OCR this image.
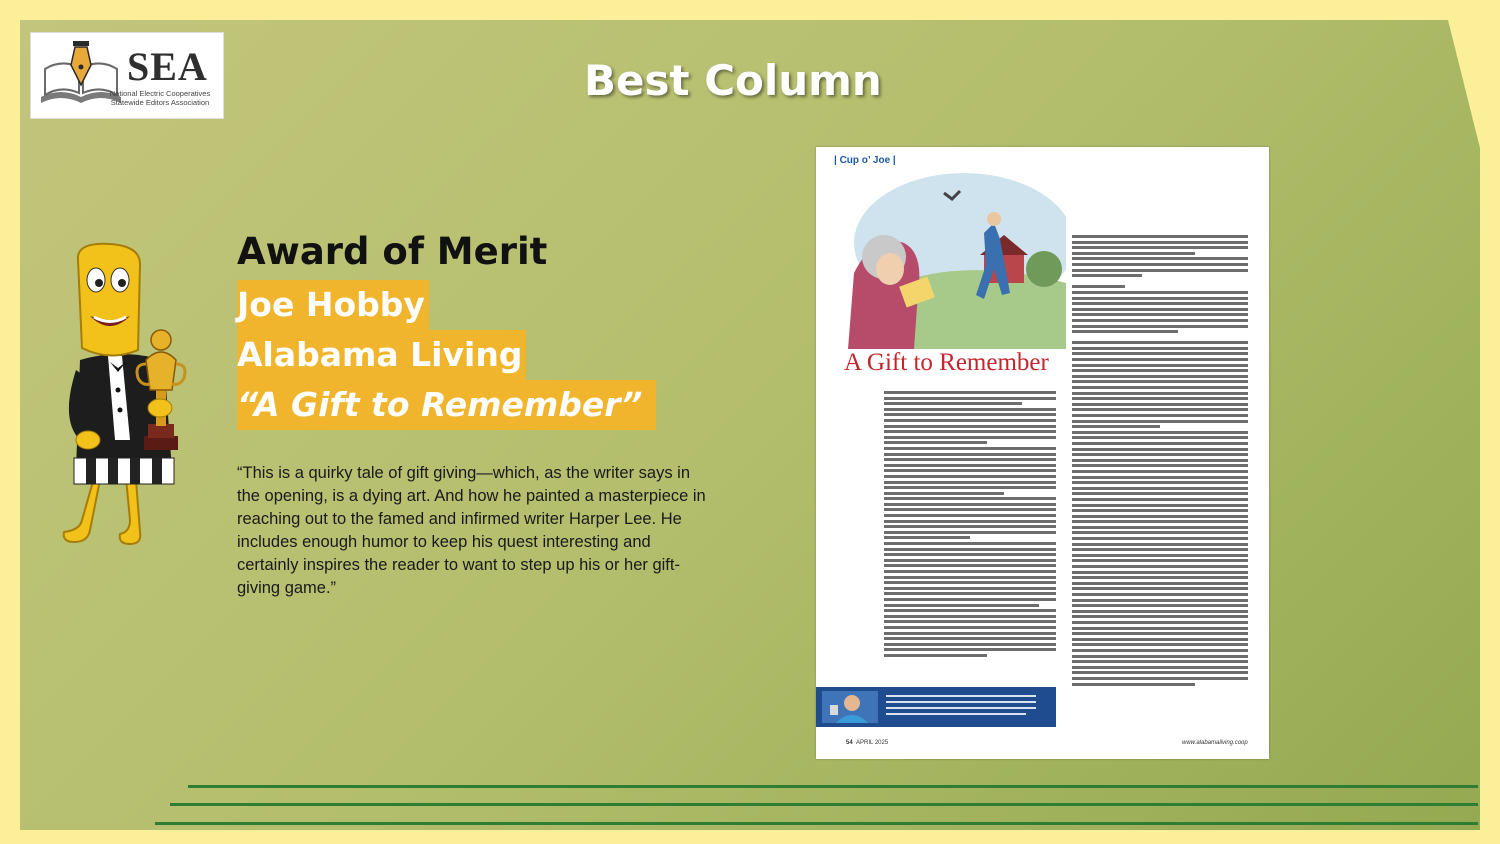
SEA
National Electric Cooperatives
Statewide Editors Association	Best Column
Award of Merit
Joe Hobby
Alabama Living
“A Gift to Remember”
“This is a quirky tale of gift giving—which, as the writer says in the opening, is a dying art. And how he painted a masterpiece in reaching out to the famed and infirmed writer Harper Lee. He includes enough humor to keep his quest interesting and certainly inspires the reader to want to step up his or her gift-giving game.”
| Cup o’ Joe |
A Gift to Remember
54 APRIL 2025	www.alabamaliving.coop
